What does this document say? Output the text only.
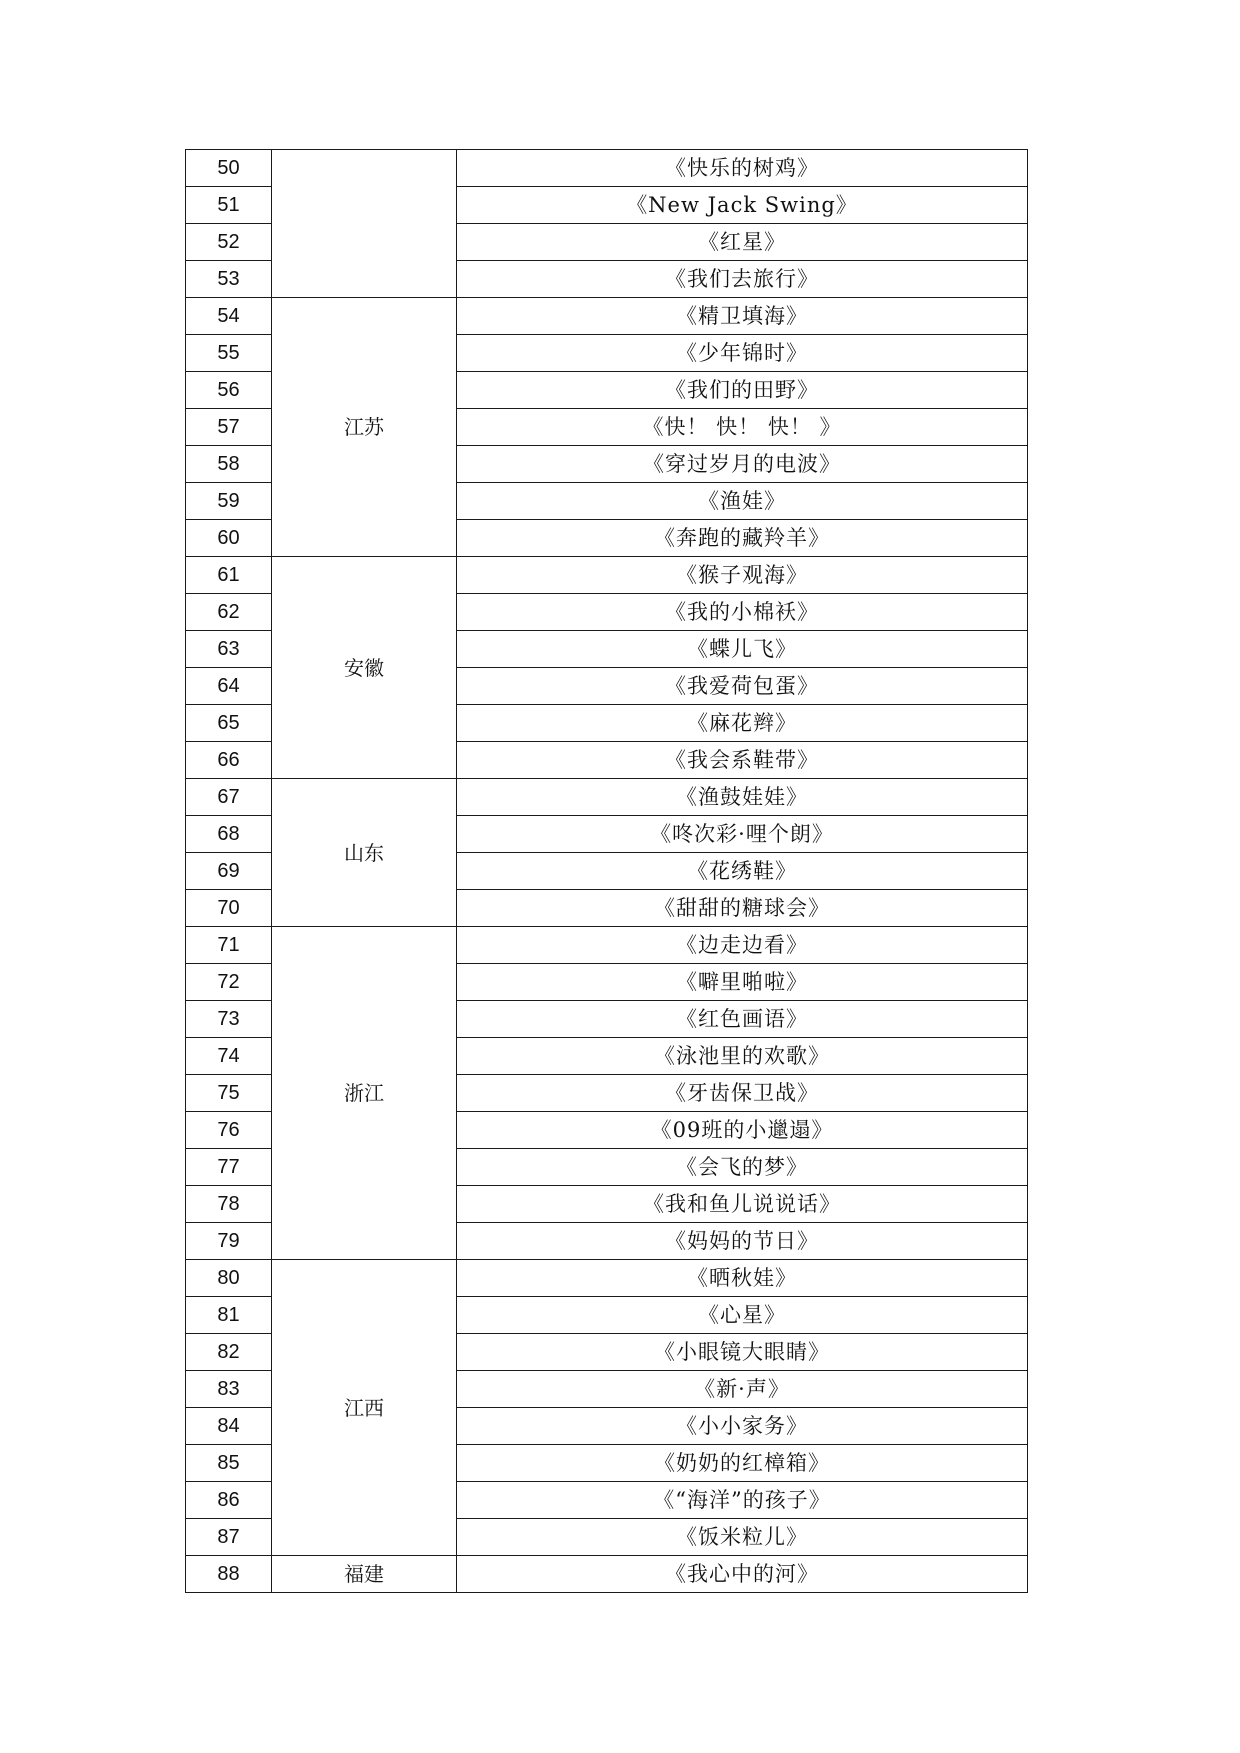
50		《快乐的树鸡》
51		《New Jack Swing》
52		《红星》
53		《我们去旅行》
54	江苏	《精卫填海》
55		《少年锦时》
56		《我们的田野》
57		《快！ 快！ 快！ 》
58		《穿过岁月的电波》
59		《渔娃》
60		《奔跑的藏羚羊》
61	安徽	《猴子观海》
62		《我的小棉袄》
63		《蝶儿飞》
64		《我爱荷包蛋》
65		《麻花辫》
66		《我会系鞋带》
67	山东	《渔鼓娃娃》
68		《咚次彩·哩个朗》
69		《花绣鞋》
70		《甜甜的糖球会》
71	浙江	《边走边看》
72		《噼里啪啦》
73		《红色画语》
74		《泳池里的欢歌》
75		《牙齿保卫战》
76		《09班的小邋遢》
77		《会飞的梦》
78		《我和鱼儿说说话》
79		《妈妈的节日》
80	江西	《晒秋娃》
81		《心星》
82		《小眼镜大眼睛》
83		《新·声》
84		《小小家务》
85		《奶奶的红樟箱》
86		《“海洋”的孩子》
87		《饭米粒儿》
88	福建	《我心中的河》
